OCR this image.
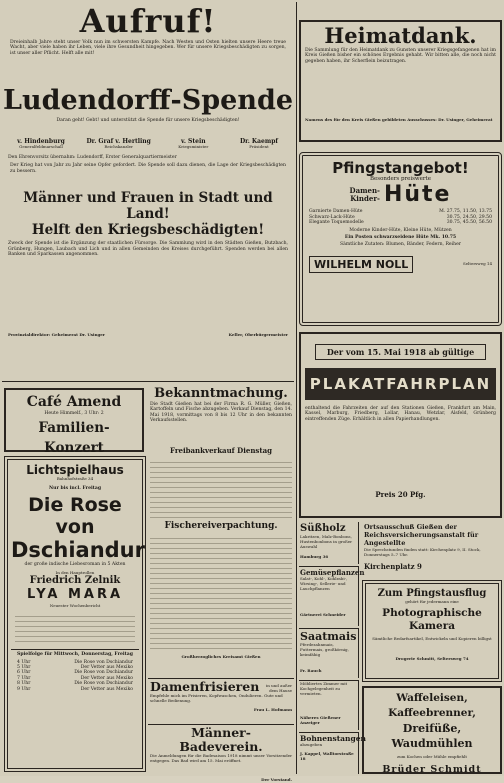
Aufruf!

Dreieinhalb Jahre steht unser Volk nun im schwersten Kampfe. Nach Westen und Osten hielten unsere Heere treue Wacht, aber viele haben ihr Leben, viele ihre Gesundheit hingegeben. Wer für unsere Kriegsbeschädigten zu sorgen, ist unser aller Pflicht. Helft alle mit!

Ludendorff-Spende

Daran geht! Gebt! und unterstützt die Spende für unsere Kriegsbeschädigten!

v. Hindenburg
Generalfeldmarschall
Dr. Graf v. Hertling
Reichskanzler
v. Stein
Kriegsminister
Dr. Kaempf
Präsident

Den Ehrenvorsitz übernahm: Ludendorff, Erster Generalquartiermeister

Der Krieg hat von Jahr zu Jahr seine Opfer gefordert. Die Spende soll dazu dienen, die Lage der Kriegsbeschädigten zu bessern.

Männer und Frauen in Stadt und Land!
Helft den Kriegsbeschädigten!

Zweck der Spende ist die Ergänzung der staatlichen Fürsorge. Die Sammlung wird in den Städten Gießen, Butzbach, Grünberg, Hungen, Laubach und Lich und in allen Gemeinden des Kreises durchgeführt. Spenden werden bei allen Banken und Sparkassen angenommen.

Provinzialdirektor: Geheimerat Dr. Usinger	Keller, Oberbürgermeister
Heimatdank.

Die Sammlung für den Heimatdank zu Gunsten unserer Kriegsgefangenen hat im Kreis Gießen bisher ein schönes Ergebnis gehabt. Wir bitten alle, die noch nicht gegeben haben, ihr Scherflein beizutragen.

Namens des für den Kreis Gießen gebildeten Ausschusses: Dr. Usinger, Geheimerat

Pfingstangebot!
Besonders preiswerte
Damen-
Kinder- Hüte
Garnierte Damen-Hüte	M. 27.75, 11.50, 13.75
Schwarz-Lack-Hüte	30.75, 24.50, 29.50
Elegante Toquemodelle	30.75, 45.50, 56.50

Moderne Kinder-Hüte, Kleine Hüte, Mützen

Ein Posten schwarzseidene Hüte Mk. 10.75

Sämtliche Zutaten: Blumen, Bänder, Federn, Reiher

WILHELM NOLL	Seltersweg 14
Der vom 15. Mai 1918 ab gültige
PLAKATFAHRPLAN

enthaltend die Fahrzeiten der auf den Stationen Gießen, Frankfurt am Main, Kassel, Marburg, Friedberg, Lollar, Hanau, Wetzlar, Alsfeld, Grünberg eintreffenden Züge. Erhältlich in allen Papierhandlungen.

Preis 20 Pfg.
Café Amend
Heute Himmelf., 3 Uhr: 2
Familien-Konzert
Bekanntmachung.

Die Stadt Gießen hat bei der Firma R. G. Müller, Gießen, Kartoffeln und Fische abzugeben. Verkauf Dienstag, den 14. Mai 1918, vormittags von 8 bis 12 Uhr in den bekannten Verkaufsstellen.

Freibankverkauf Dienstag
Fischereiverpachtung.
Großherzogliches Kreisamt Gießen
Lichtspielhaus
Bahnhofstraße 34
Nur bis incl. Freitag
Die Rose von
Dschiandur
der große indische Liebesroman in 5 Akten
In den Hauptrollen
Friedrich Zelnik
LYA MARA
Neuester Wochenbericht
Spielfolge für Mittwoch, Donnerstag, Freitag
4 Uhr	Die Rose von Dschiandur
5 Uhr	Der Vetter aus Mexiko
6 Uhr	Die Rose von Dschiandur
7 Uhr	Der Vetter aus Mexiko
8 Uhr	Die Rose von Dschiandur
9 Uhr	Der Vetter aus Mexiko Damenfrisieren	in und außer dem Hause

Empfehle mich im Frisieren, Kopfwaschen, Ondulieren. Gute und schnelle Bedienung.

Frau L. Hofmann

Männer-Badeverein.

Die Anmeldungen für die Badesaison 1918 nimmt unser Vorsitzender entgegen. Das Bad wird am 15. Mai eröffnet.

Der Vorstand.

Süßholz

Lakritzen, Malz-Bonbons, Hustenbonbons in großer Auswahl

Hamburg 36

Gemüsepflanzen

Salat-, Kohl-, Kohlrabi-, Wirsing-, Sellerie- und Lauchpflanzen

Gärtnerei Schneider

Saatmais

Pferdezahnmais, Futtermais, großkörnig, keimfähig

Fr. Rauch

Möbliertes Zimmer mit Kochgelegenheit zu vermieten.

Näheres Gießener Anzeiger

Bohnenstangen
abzugeben

J. Kappel, Walltorstraße 18

Ortsausschuß Gießen der Reichsversicherungsanstalt für Angestellte

Die Sprechstunden finden statt: Kirchenplatz 9, II. Stock, Donnerstags 5–7 Uhr.

Kirchenplatz 9
Zum Pfingstausflug
gehört für jedermann eine
Photographische Kamera

Sämtliche Bedarfsartikel, Entwickeln und Kopieren billigst

Drogerie Schmitt, Seltersweg 74
Waffeleisen, Kaffeebrenner,
Dreifüße, Waudmühlen
zum Kochen oder Mühle empfiehlt
Brüder Schmidt
